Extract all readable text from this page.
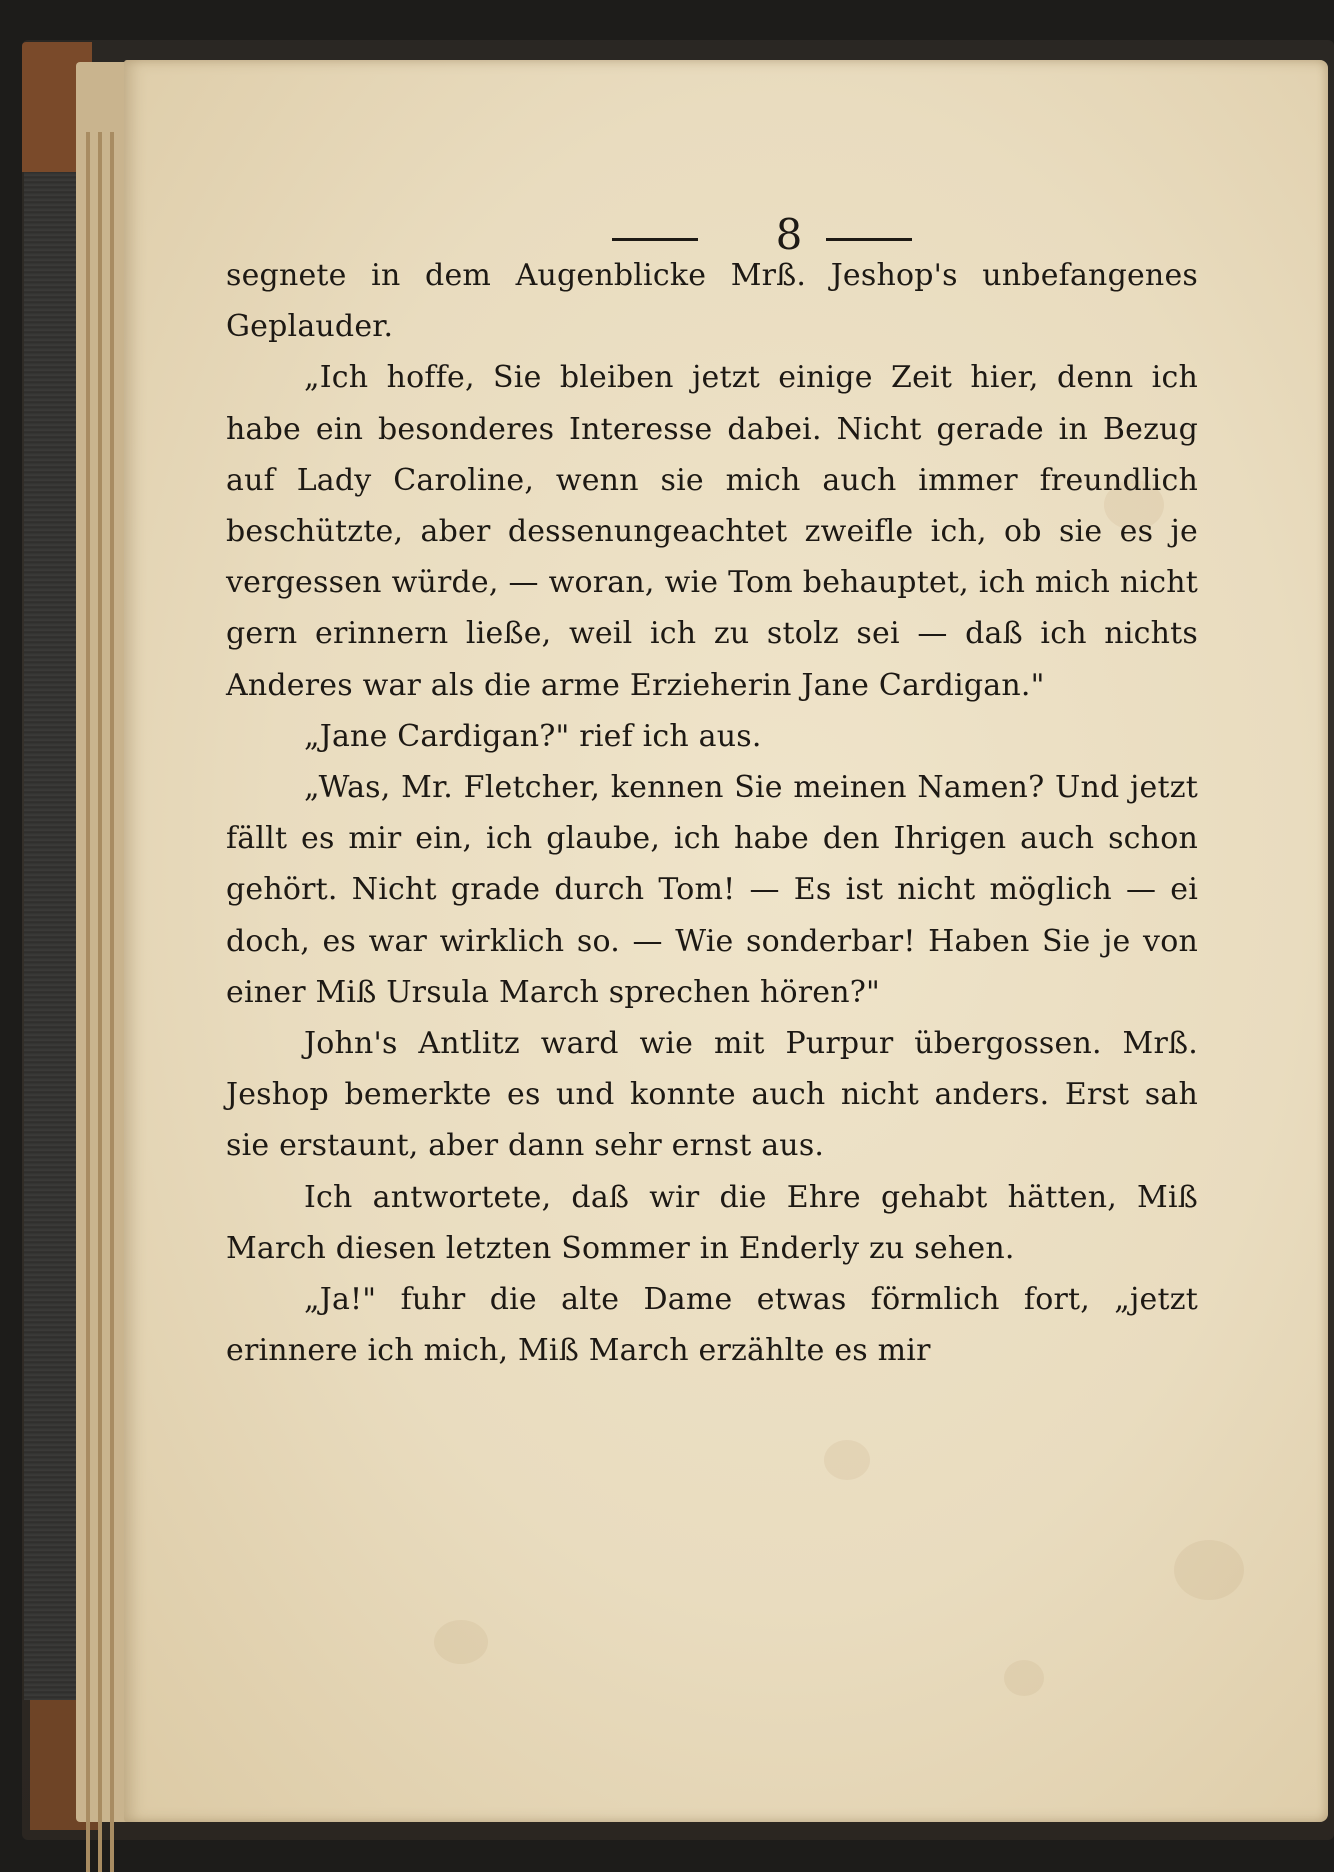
8

segnete in dem Augenblicke Mrß. Jeshop's unbefangenes Geplauder.

„Ich hoffe, Sie bleiben jetzt einige Zeit hier, denn ich habe ein besonderes Interesse dabei. Nicht gerade in Bezug auf Lady Caroline, wenn sie mich auch immer freundlich beschützte, aber dessenungeachtet zweifle ich, ob sie es je vergessen würde, — woran, wie Tom behauptet, ich mich nicht gern erinnern ließe, weil ich zu stolz sei — daß ich nichts Anderes war als die arme Erzieherin Jane Cardigan."

„Jane Cardigan?" rief ich aus.

„Was, Mr. Fletcher, kennen Sie meinen Namen? Und jetzt fällt es mir ein, ich glaube, ich habe den Ihrigen auch schon gehört. Nicht grade durch Tom! — Es ist nicht möglich — ei doch, es war wirklich so. — Wie sonderbar! Haben Sie je von einer Miß Ursula March sprechen hören?"

John's Antlitz ward wie mit Purpur übergossen. Mrß. Jeshop bemerkte es und konnte auch nicht anders. Erst sah sie erstaunt, aber dann sehr ernst aus.

Ich antwortete, daß wir die Ehre gehabt hätten, Miß March diesen letzten Sommer in Enderly zu sehen.

„Ja!" fuhr die alte Dame etwas förmlich fort, „jetzt erinnere ich mich, Miß March erzählte es mir
